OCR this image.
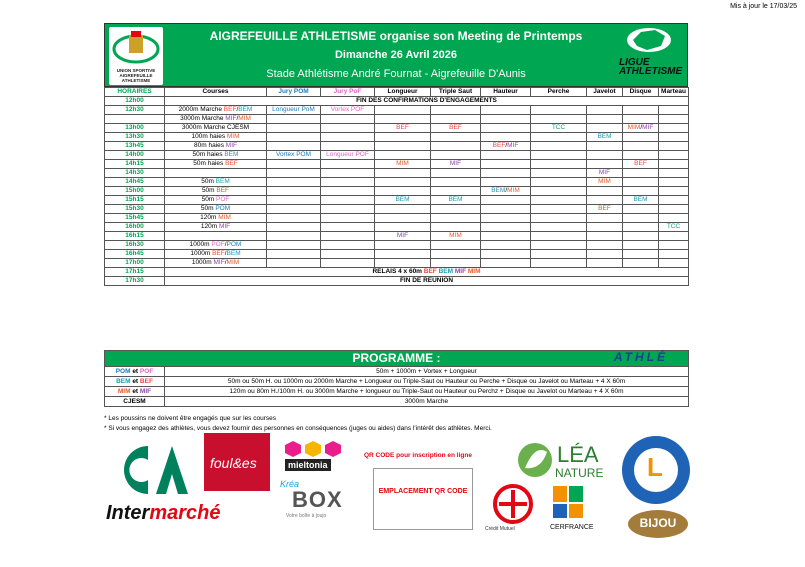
Mis à jour le 17/03/25
UNION SPORTIVE AIGREFEUILLE ATHLETISME
AIGREFEUILLE ATHLETISME organise son Meeting de Printemps
Dimanche 26 Avril 2026
Stade Athlétisme André Fournat - Aigrefeuille D'Aunis
LIGUE ATHLETISME
HORAIRES	Courses	Jury POM	Jury PoF	Longueur	Triple Saut	Hauteur	Perche	Javelot	Disque	Marteau
12h00	FIN DES CONFIRMATIONS D'ENGAGEMENTS									
12h30	2000m Marche BEF/BEM	Longueur PoM	Vortex POF							
	3000m Marche MIF/MIM									
13h00	3000m Marche CJESM			BEF	BEF		TCC		MIM/MIF	
13h30	100m haies MIM							BEM		
13h45	80m haies MIF					BEF/MIF				
14h00	50m haies BEM	Vortex POM	Longueur POF							
14h15	50m haies BEF			MIM	MIF				BEF	
14h30								MIF		
14h45	50m BEM							MIM		
15h00	50m BEF					BEM/MIM				
15h15	50m POF			BEM	BEM				BEM	
15h30	50m POM							BEF		
15h45	120m MIM									
16h00	120m MIF									TCC
16h15				MIF	MIM					
16h30	1000m POF/POM									
16h45	1000m BEF/BEM									
17h00	1000m MIF/MIM									
17h15	RELAIS 4 x 60m BEF BEM MIF MIM									
17h30	FIN DE REUNION									
PROGRAMME : ATHLÉ	

POM et POF	50m + 1000m + Vortex + Longueur
BEM et BEF	50m ou 50m H. ou 1000m ou 2000m Marche + Longueur ou Triple-Saut ou Hauteur ou Perche + Disque ou Javelot ou Marteau + 4 X 60m
MIM et MIF	120m ou 80m H./100m H. ou 3000m Marche + longueur ou Triple-Saut ou Hauteur ou Perchz + Disque ou Javelot ou Marteau + 4 X 60m
CJESM	3000m Marche
* Les poussins ne doivent être engagés que sur les courses
* Si vous engagez des athlètes, vous devez fournir des personnes en conséquences (juges ou aides) dans l'intérêt des athlètes. Merci.
Intermarché
foul&es	mieltonia
Kréa
BOX
Votre boîte à joujo
QR CODE pour inscription en ligne
EMPLACEMENT QR CODE
Crédit Mutuel
LÉA
NATURE
CERFRANCE
L
BIJOU
